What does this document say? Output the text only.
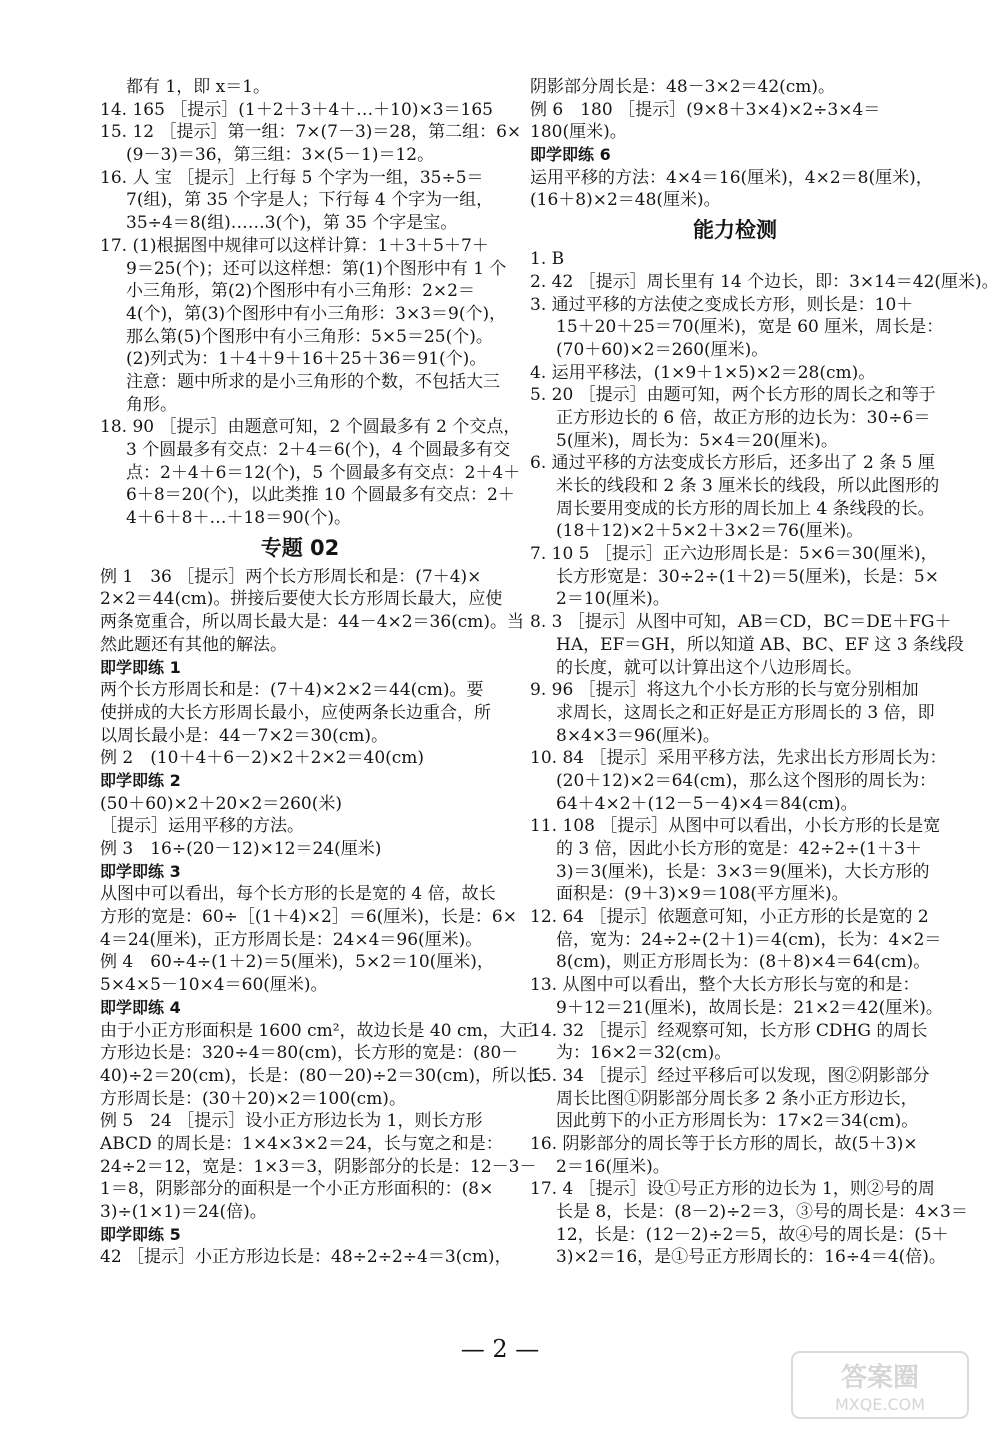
都有 1，即 x＝1。
14. 165 ［提示］(1＋2＋3＋4＋…＋10)×3＝165
15. 12 ［提示］第一组：7×(7－3)＝28，第二组：6×
(9－3)＝36，第三组：3×(5－1)＝12。
16. 人 宝 ［提示］上行每 5 个字为一组，35÷5＝
7(组)，第 35 个字是人；下行每 4 个字为一组，
35÷4＝8(组)……3(个)，第 35 个字是宝。
17. (1)根据图中规律可以这样计算：1＋3＋5＋7＋
9＝25(个)；还可以这样想：第(1)个图形中有 1 个
小三角形，第(2)个图形中有小三角形：2×2＝
4(个)，第(3)个图形中有小三角形：3×3＝9(个)，
那么第(5)个图形中有小三角形：5×5＝25(个)。
(2)列式为：1＋4＋9＋16＋25＋36＝91(个)。
注意：题中所求的是小三角形的个数，不包括大三
角形。
18. 90 ［提示］由题意可知，2 个圆最多有 2 个交点，
3 个圆最多有交点：2＋4＝6(个)，4 个圆最多有交
点：2＋4＋6＝12(个)，5 个圆最多有交点：2＋4＋
6＋8＝20(个)，以此类推 10 个圆最多有交点：2＋
4＋6＋8＋…＋18＝90(个)。
专题 02
例 1　36 ［提示］两个长方形周长和是：(7＋4)×
2×2＝44(cm)。拼接后要使大长方形周长最大，应使
两条宽重合，所以周长最大是：44－4×2＝36(cm)。当
然此题还有其他的解法。
即学即练 1
两个长方形周长和是：(7＋4)×2×2＝44(cm)。要
使拼成的大长方形周长最小，应使两条长边重合，所
以周长最小是：44－7×2＝30(cm)。
例 2　(10＋4＋6－2)×2＋2×2＝40(cm)
即学即练 2
(50＋60)×2＋20×2＝260(米)
［提示］运用平移的方法。
例 3　16÷(20－12)×12＝24(厘米)
即学即练 3
从图中可以看出，每个长方形的长是宽的 4 倍，故长
方形的宽是：60÷［(1＋4)×2］＝6(厘米)，长是：6×
4＝24(厘米)，正方形周长是：24×4＝96(厘米)。
例 4　60÷4÷(1＋2)＝5(厘米)，5×2＝10(厘米)，
5×4×5－10×4＝60(厘米)。
即学即练 4
由于小正方形面积是 1600 cm²，故边长是 40 cm，大正
方形边长是：320÷4＝80(cm)，长方形的宽是：(80－
40)÷2＝20(cm)，长是：(80－20)÷2＝30(cm)，所以长
方形周长是：(30＋20)×2＝100(cm)。
例 5　24 ［提示］设小正方形边长为 1，则长方形
ABCD 的周长是：1×4×3×2＝24，长与宽之和是：
24÷2＝12，宽是：1×3＝3，阴影部分的长是：12－3－
1＝8，阴影部分的面积是一个小正方形面积的：(8×
3)÷(1×1)＝24(倍)。
即学即练 5
42 ［提示］小正方形边长是：48÷2÷2÷4＝3(cm)，
阴影部分周长是：48－3×2＝42(cm)。
例 6　180 ［提示］(9×8＋3×4)×2÷3×4＝
180(厘米)。
即学即练 6
运用平移的方法：4×4＝16(厘米)，4×2＝8(厘米)，
(16＋8)×2＝48(厘米)。
能力检测
1. B
2. 42 ［提示］周长里有 14 个边长，即：3×14＝42(厘米)。
3. 通过平移的方法使之变成长方形，则长是：10＋
15＋20＋25＝70(厘米)，宽是 60 厘米，周长是：
(70＋60)×2＝260(厘米)。
4. 运用平移法，(1×9＋1×5)×2＝28(cm)。
5. 20 ［提示］由题可知，两个长方形的周长之和等于
正方形边长的 6 倍，故正方形的边长为：30÷6＝
5(厘米)，周长为：5×4＝20(厘米)。
6. 通过平移的方法变成长方形后，还多出了 2 条 5 厘
米长的线段和 2 条 3 厘米长的线段，所以此图形的
周长要用变成的长方形的周长加上 4 条线段的长。
(18＋12)×2＋5×2＋3×2＝76(厘米)。
7. 10 5 ［提示］正六边形周长是：5×6＝30(厘米)，
长方形宽是：30÷2÷(1＋2)＝5(厘米)，长是：5×
2＝10(厘米)。
8. 3 ［提示］从图中可知，AB＝CD，BC＝DE＋FG＋
HA，EF＝GH，所以知道 AB、BC、EF 这 3 条线段
的长度，就可以计算出这个八边形周长。
9. 96 ［提示］将这九个小长方形的长与宽分别相加
求周长，这周长之和正好是正方形周长的 3 倍，即
8×4×3＝96(厘米)。
10. 84 ［提示］采用平移方法，先求出长方形周长为：
(20＋12)×2＝64(cm)，那么这个图形的周长为：
64＋4×2＋(12－5－4)×4＝84(cm)。
11. 108 ［提示］从图中可以看出，小长方形的长是宽
的 3 倍，因此小长方形的宽是：42÷2÷(1＋3＋
3)＝3(厘米)，长是：3×3＝9(厘米)，大长方形的
面积是：(9＋3)×9＝108(平方厘米)。
12. 64 ［提示］依题意可知，小正方形的长是宽的 2
倍，宽为：24÷2÷(2＋1)＝4(cm)，长为：4×2＝
8(cm)，则正方形周长为：(8＋8)×4＝64(cm)。
13. 从图中可以看出，整个大长方形长与宽的和是：
9＋12＝21(厘米)，故周长是：21×2＝42(厘米)。
14. 32 ［提示］经观察可知，长方形 CDHG 的周长
为：16×2＝32(cm)。
15. 34 ［提示］经过平移后可以发现，图②阴影部分
周长比图①阴影部分周长多 2 条小正方形边长，
因此剪下的小正方形周长为：17×2＝34(cm)。
16. 阴影部分的周长等于长方形的周长，故(5＋3)×
2＝16(厘米)。
17. 4 ［提示］设①号正方形的边长为 1，则②号的周
长是 8，长是：(8－2)÷2＝3，③号的周长是：4×3＝
12，长是：(12－2)÷2＝5，故④号的周长是：(5＋
3)×2＝16，是①号正方形周长的：16÷4＝4(倍)。
— 2 —
答案圈
MXQE.COM
